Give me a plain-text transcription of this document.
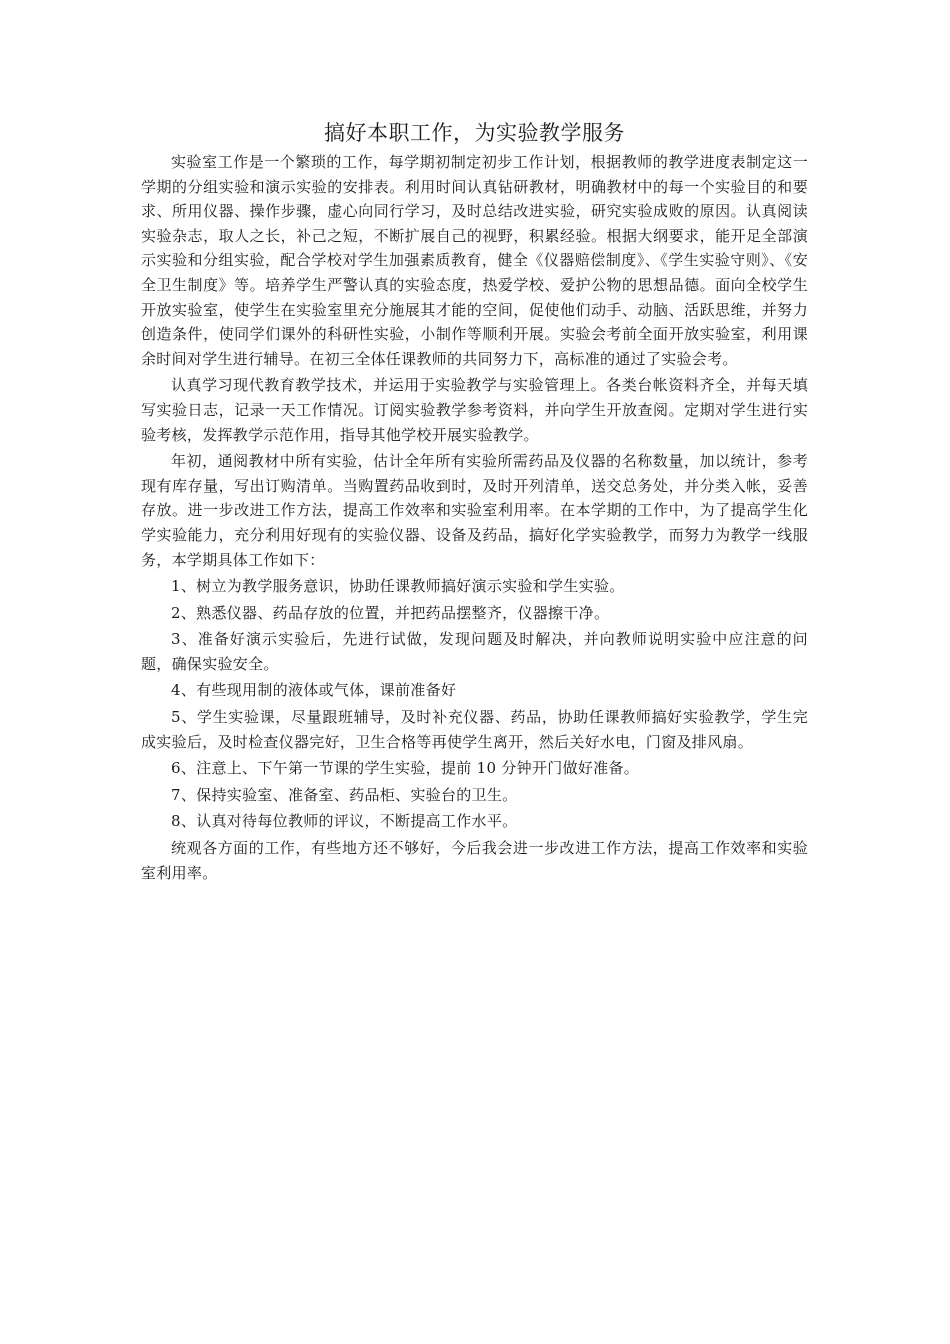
搞好本职工作，为实验教学服务

实验室工作是一个繁琐的工作，每学期初制定初步工作计划，根据教师的教学进度表制定这一学期的分组实验和演示实验的安排表。利用时间认真钻研教材，明确教材中的每一个实验目的和要求、所用仪器、操作步骤，虚心向同行学习，及时总结改进实验，研究实验成败的原因。认真阅读实验杂志，取人之长，补己之短，不断扩展自己的视野，积累经验。根据大纲要求，能开足全部演示实验和分组实验，配合学校对学生加强素质教育，健全《仪器赔偿制度》、《学生实验守则》、《安全卫生制度》等。培养学生严警认真的实验态度，热爱学校、爱护公物的思想品德。面向全校学生开放实验室，使学生在实验室里充分施展其才能的空间，促使他们动手、动脑、活跃思维，并努力创造条件，使同学们课外的科研性实验，小制作等顺利开展。实验会考前全面开放实验室，利用课余时间对学生进行辅导。在初三全体任课教师的共同努力下，高标准的通过了实验会考。

认真学习现代教育教学技术，并运用于实验教学与实验管理上。各类台帐资料齐全，并每天填写实验日志，记录一天工作情况。订阅实验教学参考资料，并向学生开放查阅。定期对学生进行实验考核，发挥教学示范作用，指导其他学校开展实验教学。

年初，通阅教材中所有实验，估计全年所有实验所需药品及仪器的名称数量，加以统计，参考现有库存量，写出订购清单。当购置药品收到时，及时开列清单，送交总务处，并分类入帐，妥善存放。进一步改进工作方法，提高工作效率和实验室利用率。在本学期的工作中，为了提高学生化学实验能力，充分利用好现有的实验仪器、设备及药品，搞好化学实验教学，而努力为教学一线服务，本学期具体工作如下：

1、树立为教学服务意识，协助任课教师搞好演示实验和学生实验。

2、熟悉仪器、药品存放的位置，并把药品摆整齐，仪器擦干净。

3、准备好演示实验后，先进行试做，发现问题及时解决，并向教师说明实验中应注意的问题，确保实验安全。

4、有些现用制的液体或气体，课前准备好

5、学生实验课，尽量跟班辅导，及时补充仪器、药品，协助任课教师搞好实验教学，学生完成实验后，及时检查仪器完好，卫生合格等再使学生离开，然后关好水电，门窗及排风扇。

6、注意上、下午第一节课的学生实验，提前 10 分钟开门做好准备。

7、保持实验室、准备室、药品柜、实验台的卫生。

8、认真对待每位教师的评议，不断提高工作水平。

统观各方面的工作，有些地方还不够好，今后我会进一步改进工作方法，提高工作效率和实验室利用率。
